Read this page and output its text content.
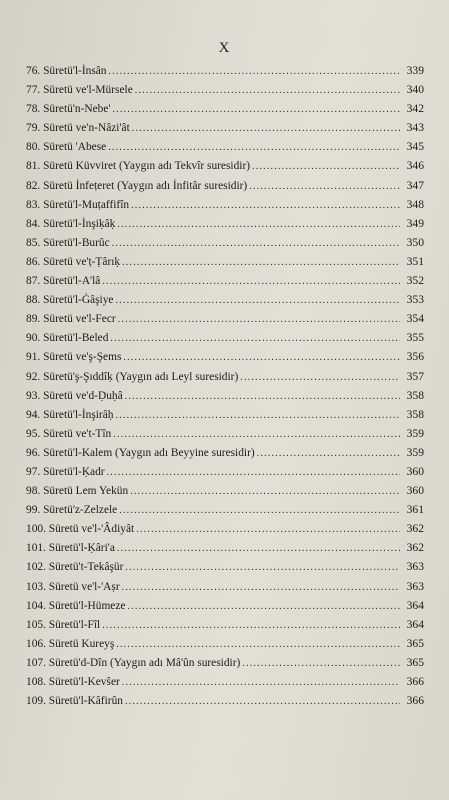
X
76. Süretü'l-İnsân .....	339
77. Süretü ve'l-Mürsele .....	340
78. Süretü'n-Nebe' .....	342
79. Süretü ve'n-Nâzi'ât .....	343
80. Süretü 'Abese .....	345
81. Süretü Küvviret (Yaygın adı Tekvîr suresidir) .....	346
82. Süretü İnfeṭeret (Yaygın adı İnfitâr suresidir) .....	347
83. Süretü'l-Muṭaffifîn .....	348
84. Süretü'l-İnşiḳâḳ .....	349
85. Süretü'l-Burûc .....	350
86. Süretü ve'ṭ-Ṭârıḳ .....	351
87. Süretü'l-A'lâ .....	352
88. Süretü'l-Ġâşiye .....	353
89. Süretü ve'l-Fecr .....	354
90. Süretü'l-Beled .....	355
91. Süretü ve'ş-Şems .....	356
92. Süretü'ş-Şıddîḳ (Yaygın adı Leyl suresidir) .....	357
93. Süretü ve'd-Ḍuḥâ .....	358
94. Süretü'l-İnşirâḥ .....	358
95. Süretü ve't-Tîn .....	359
96. Süretü'l-Kalem (Yaygın adı Beyyine suresidir) .....	359
97. Süretü'l-Ḳadr .....	360
98. Süretü Lem Yekün .....	360
99. Süretü'z-Zelzele .....	361
100. Süretü ve'l-'Âdiyât .....	362
101. Süretü'l-Ḳâri'a .....	362
102. Süretü't-Tekâşür .....	363
103. Süretü ve'l-'Aṣr .....	363
104. Süretü'l-Hümeze .....	364
105. Süretü'l-Fîl .....	364
106. Süretü Kureyş .....	365
107. Süretü'd-Dîn (Yaygın adı Mâ'ûn suresidir) .....	365
108. Süretü'l-Kevŝer .....	366
109. Süretü'l-Kâfirûn .....	366
